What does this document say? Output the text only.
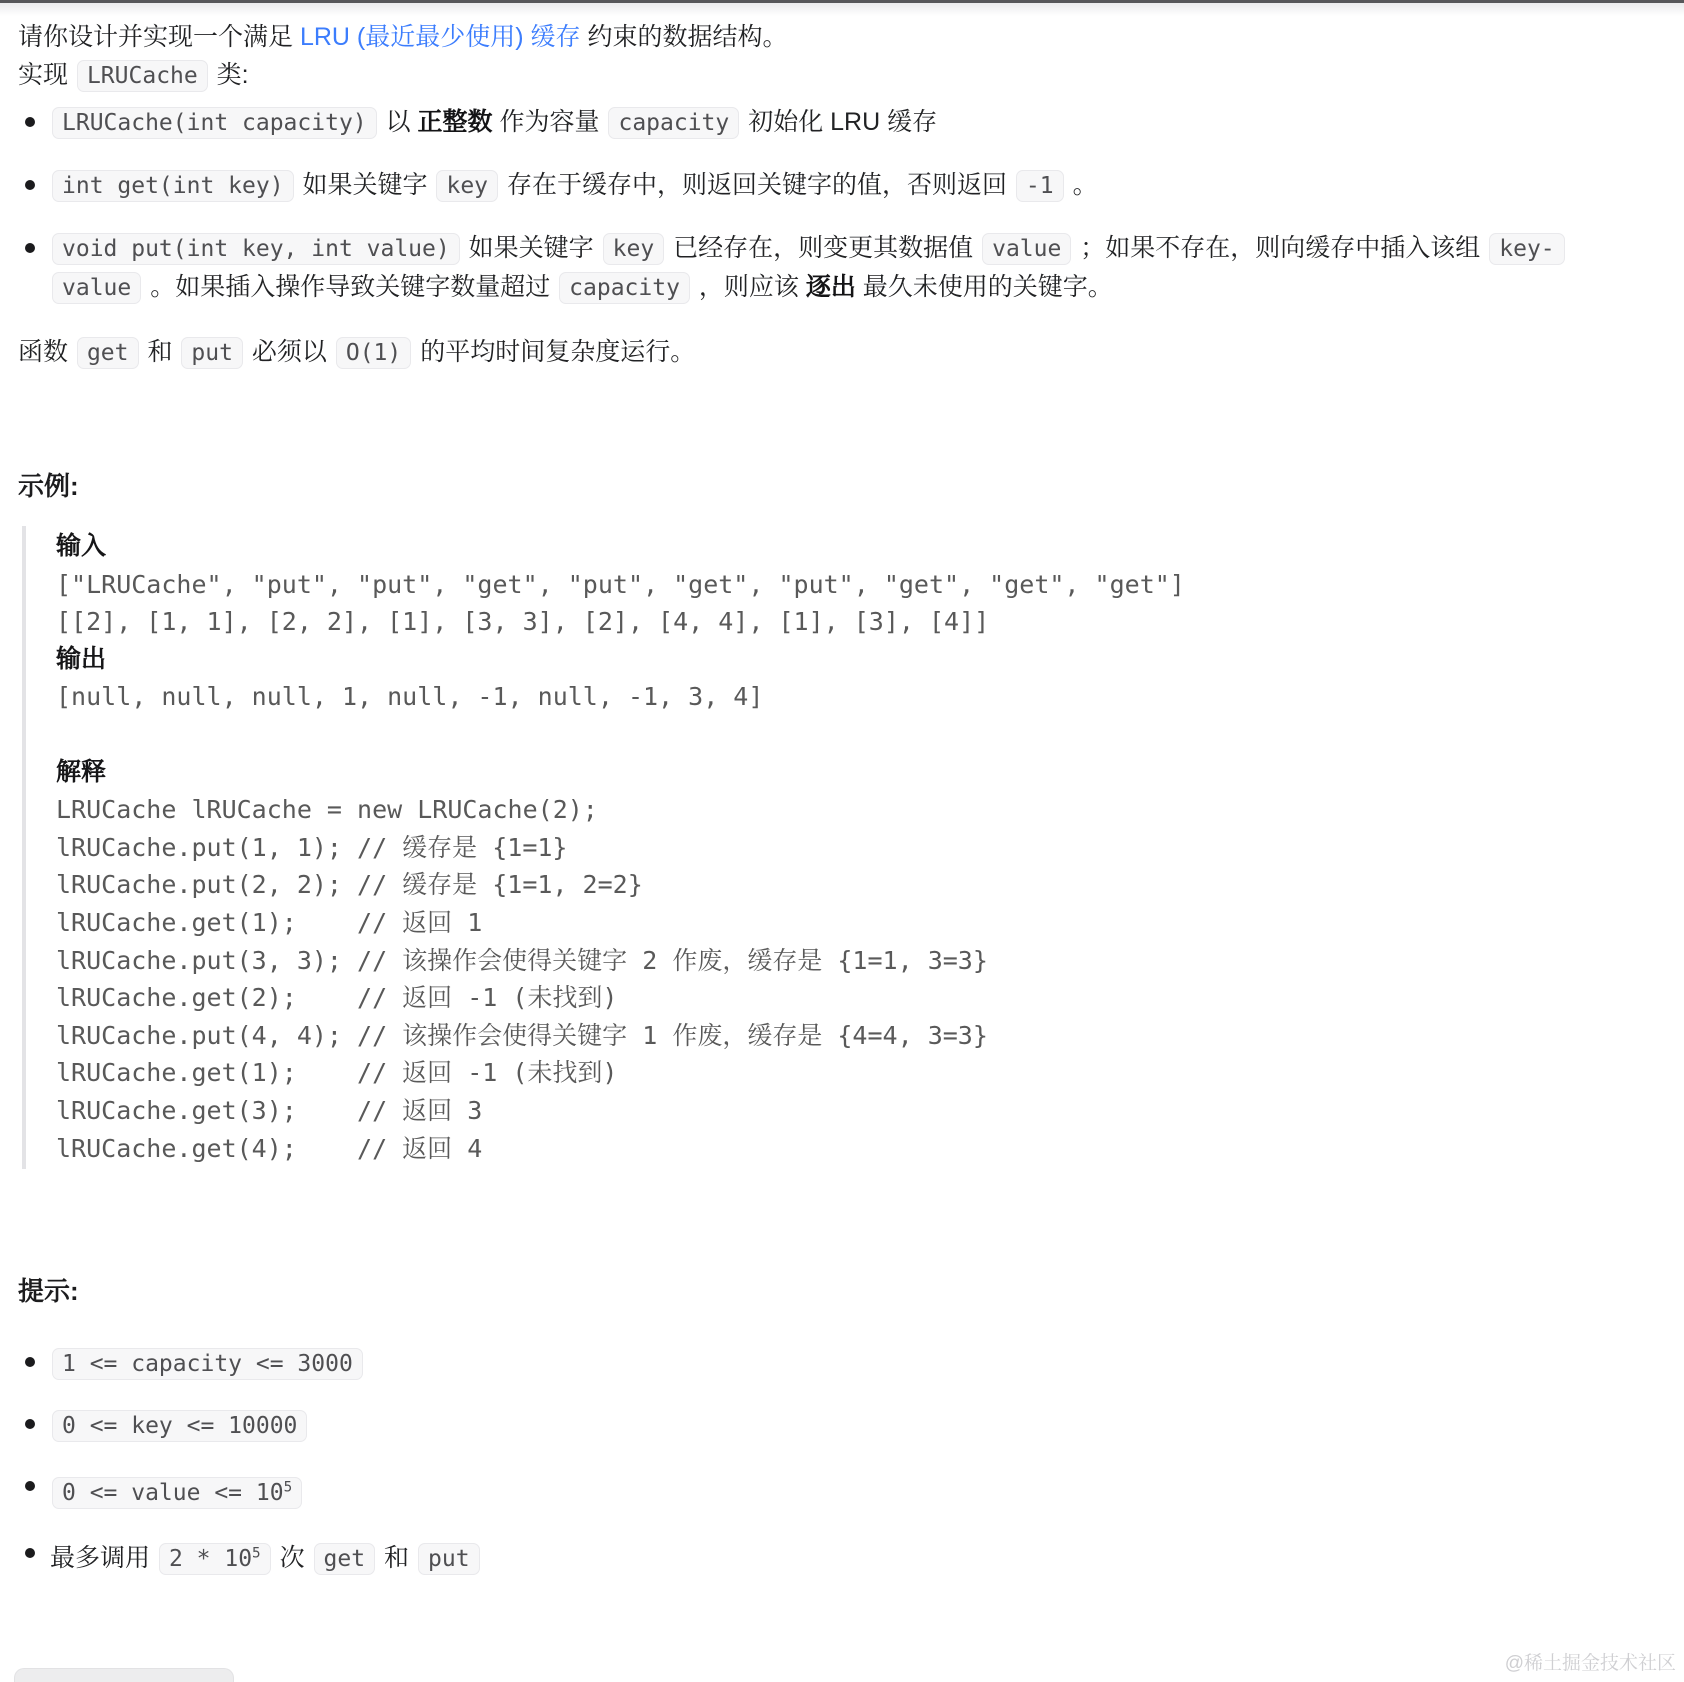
请你设计并实现一个满足 LRU (最近最少使用) 缓存 约束的数据结构。

实现 LRUCache 类:

LRUCache(int capacity) 以 正整数 作为容量 capacity 初始化 LRU 缓存
int get(int key) 如果关键字 key 存在于缓存中，则返回关键字的值，否则返回 -1 。
void put(int key, int value) 如果关键字 key 已经存在，则变更其数据值 value ；如果不存在，则向缓存中插入该组 key-value 。如果插入操作导致关键字数量超过 capacity ，则应该 逐出 最久未使用的关键字。

函数 get 和 put 必须以 O(1) 的平均时间复杂度运行。

示例:
输入
["LRUCache", "put", "put", "get", "put", "get", "put", "get", "get", "get"]
[[2], [1, 1], [2, 2], [1], [3, 3], [2], [4, 4], [1], [3], [4]]
输出
[null, null, null, 1, null, -1, null, -1, 3, 4]
解释
LRUCache lRUCache = new LRUCache(2);
lRUCache.put(1, 1); // 缓存是 {1=1}
lRUCache.put(2, 2); // 缓存是 {1=1, 2=2}
lRUCache.get(1);    // 返回 1
lRUCache.put(3, 3); // 该操作会使得关键字 2 作废，缓存是 {1=1, 3=3}
lRUCache.get(2);    // 返回 -1 (未找到)
lRUCache.put(4, 4); // 该操作会使得关键字 1 作废，缓存是 {4=4, 3=3}
lRUCache.get(1);    // 返回 -1 (未找到)
lRUCache.get(3);    // 返回 3
lRUCache.get(4);    // 返回 4
提示:
1 <= capacity <= 3000
0 <= key <= 10000
0 <= value <= $10^5$
最多调用 $2 * 10^5$ 次 get 和 put
@稀土掘金技术社区
